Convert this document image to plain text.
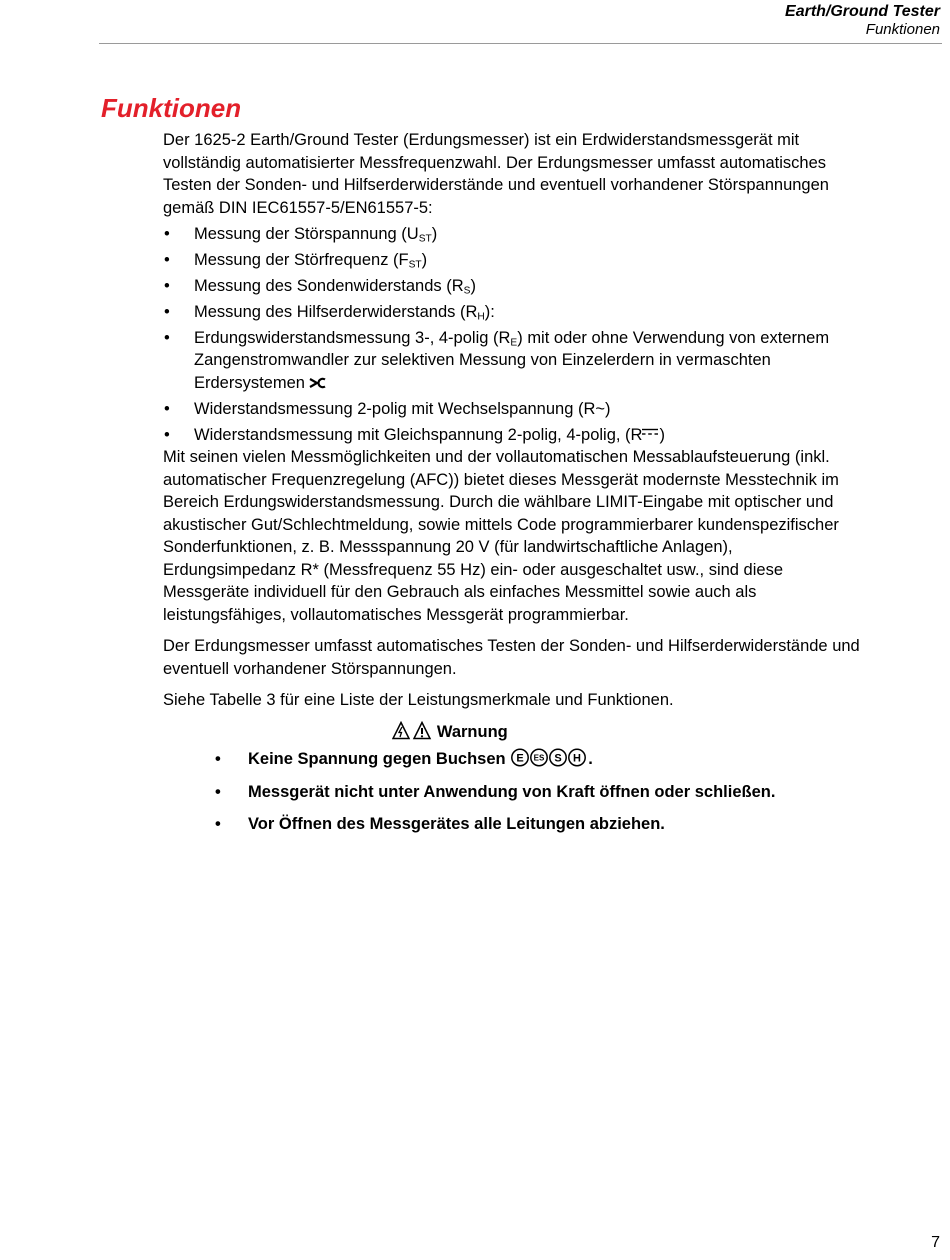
Earth/Ground Tester
Funktionen
Funktionen

Der 1625-2 Earth/Ground Tester (Erdungsmesser) ist ein Erdwiderstandsmessgerät mit vollständig automatisierter Messfrequenzwahl. Der Erdungsmesser umfasst automatisches Testen der Sonden- und Hilfserderwiderstände und eventuell vorhandener Störspannungen gemäß DIN IEC61557-5/EN61557-5:

• Messung der Störspannung $(U_{ST})$
• Messung der Störfrequenz $(F_{ST})$
• Messung des Sondenwiderstands $(R_S)$
• Messung des Hilfserderwiderstands $(R_H)$:
• Erdungswiderstandsmessung 3-, 4-polig $(R_E)$ mit oder ohne Verwendung von externem Zangenstromwandler zur selektiven Messung von Einzelerdern in vermaschten Erdersystemen
• Widerstandsmessung 2-polig mit Wechselspannung (R~)
• Widerstandsmessung mit Gleichspannung 2-polig, 4-polig, (R )

Mit seinen vielen Messmöglichkeiten und der vollautomatischen Messablaufsteuerung (inkl. automatischer Frequenzregelung (AFC)) bietet dieses Messgerät modernste Messtechnik im Bereich Erdungswiderstandsmessung. Durch die wählbare LIMIT-Eingabe mit optischer und akustischer Gut/Schlechtmeldung, sowie mittels Code programmierbarer kundenspezifischer Sonderfunktionen, z. B. Messspannung 20 V (für landwirtschaftliche Anlagen), Erdungsimpedanz R* (Messfrequenz 55 Hz) ein- oder ausgeschaltet usw., sind diese Messgeräte individuell für den Gebrauch als einfaches Messmittel sowie auch als leistungsfähiges, vollautomatisches Messgerät programmierbar.

Der Erdungsmesser umfasst automatisches Testen der Sonden- und Hilfserderwiderstände und eventuell vorhandener Störspannungen.

Siehe Tabelle 3 für eine Liste der Leistungsmerkmale und Funktionen.

Warnung

• Keine Spannung gegen Buchsen E ES S H .
• Messgerät nicht unter Anwendung von Kraft öffnen oder schließen.
• Vor Öffnen des Messgerätes alle Leitungen abziehen.
7
